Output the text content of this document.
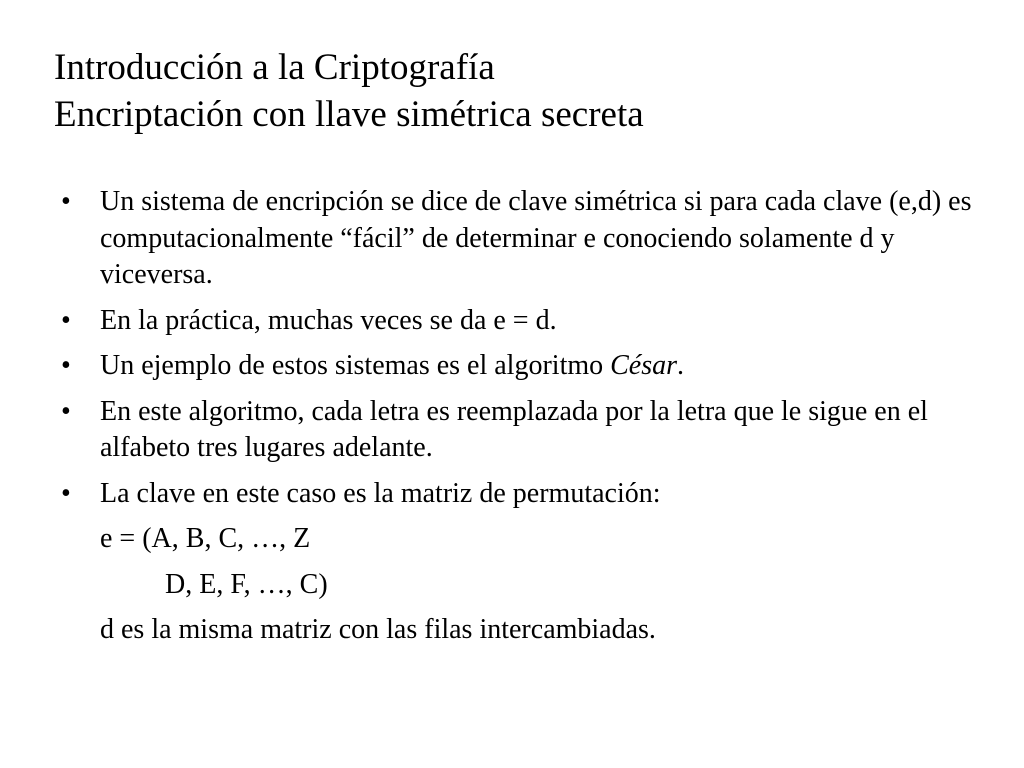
Introducción a la Criptografía
Encriptación con llave simétrica secreta
• Un sistema de encripción se dice de clave simétrica si para cada clave (e,d) es computacionalmente “fácil” de determinar e conociendo solamente d y viceversa.
• En la práctica, muchas veces se da e = d.
• Un ejemplo de estos sistemas es el algoritmo César.
• En este algoritmo, cada letra es reemplazada por la letra que le sigue en el alfabeto tres lugares adelante.
• La clave en este caso es la matriz de permutación:
e = (A, B, C, …, Z
D, E, F, …, C)
d es la misma matriz con las filas intercambiadas.
